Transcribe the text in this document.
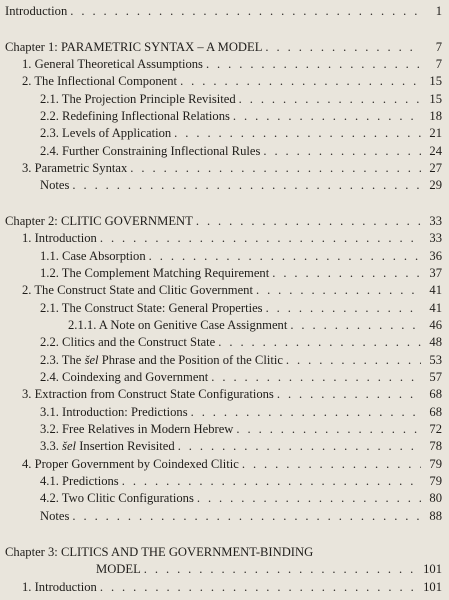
Introduction . . .	1
Chapter 1: PARAMETRIC SYNTAX – A MODEL . . .	7
1. General Theoretical Assumptions . . .	7
2. The Inflectional Component . . .	15
2.1. The Projection Principle Revisited . . .	15
2.2. Redefining Inflectional Relations . . .	18
2.3. Levels of Application . . .	21
2.4. Further Constraining Inflectional Rules . . .	24
3. Parametric Syntax . . .	27
Notes . . .	29
Chapter 2: CLITIC GOVERNMENT . . .	33
1. Introduction . . .	33
1.1. Case Absorption . . .	36
1.2. The Complement Matching Requirement . . .	37
2. The Construct State and Clitic Government . . .	41
2.1. The Construct State: General Properties . . .	41
2.1.1. A Note on Genitive Case Assignment . . .	46
2.2. Clitics and the Construct State . . .	48
2.3. The šel Phrase and the Position of the Clitic . . .	53
2.4. Coindexing and Government . . .	57
3. Extraction from Construct State Configurations . . .	68
3.1. Introduction: Predictions . . .	68
3.2. Free Relatives in Modern Hebrew . . .	72
3.3. šel Insertion Revisited . . .	78
4. Proper Government by Coindexed Clitic . . .	79
4.1. Predictions . . .	79
4.2. Two Clitic Configurations . . .	80
Notes . . .	88
Chapter 3: CLITICS AND THE GOVERNMENT-BINDING
MODEL . . .	101
1. Introduction . . .	101
